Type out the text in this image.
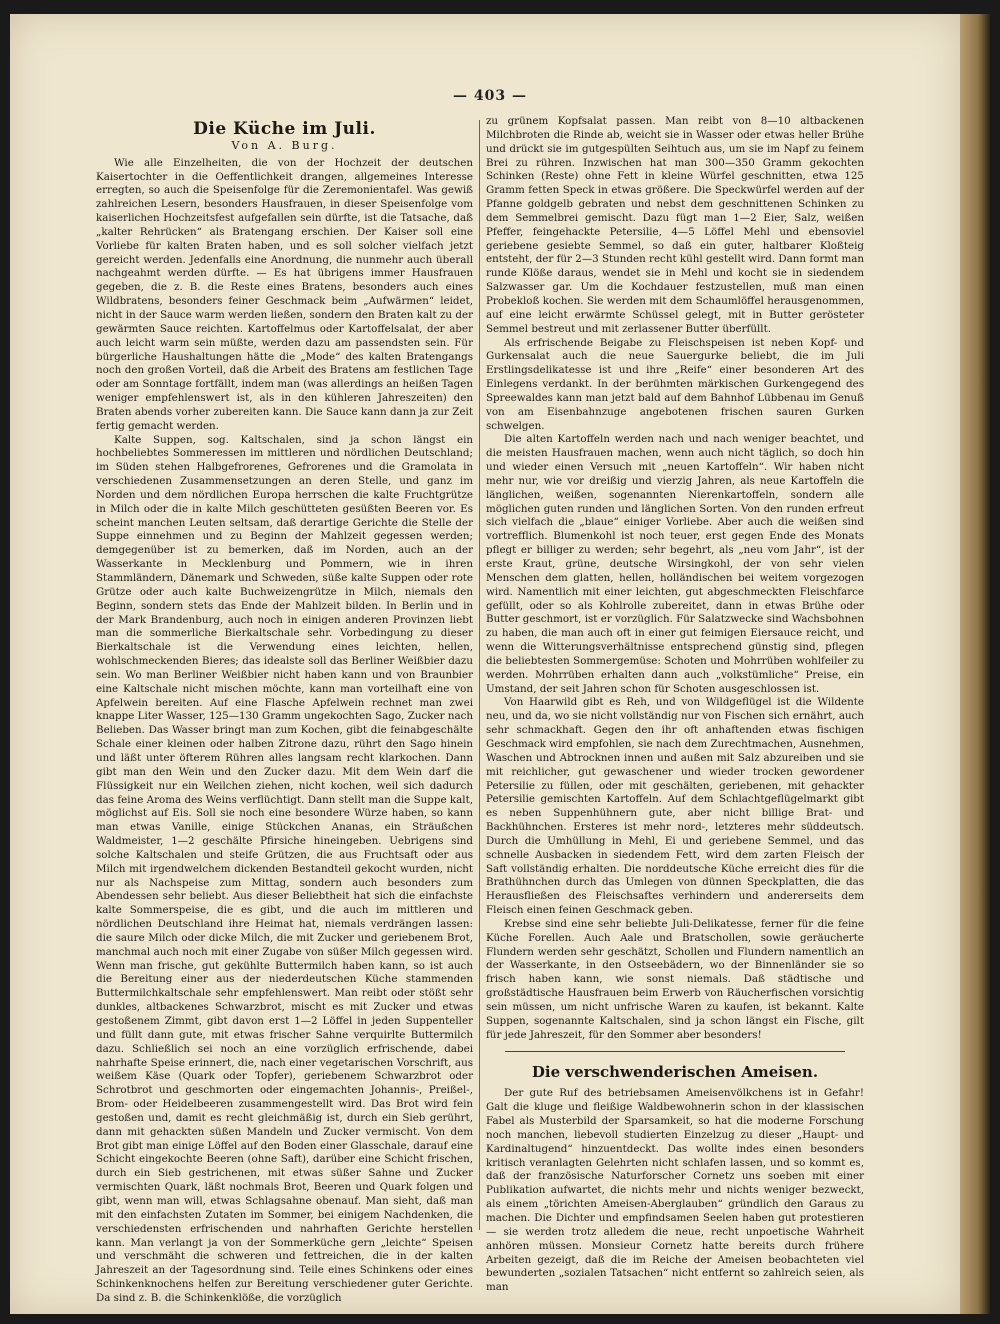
— 403 —
Die Küche im Juli.
Von A. Burg.

Wie alle Einzelheiten, die von der Hochzeit der deutschen Kaisertochter in die Oeffentlichkeit drangen, allgemeines Interesse erregten, so auch die Speisenfolge für die Zeremonientafel. Was gewiß zahlreichen Lesern, besonders Hausfrauen, in dieser Speisenfolge vom kaiserlichen Hochzeitsfest aufgefallen sein dürfte, ist die Tatsache, daß „kalter Rehrücken“ als Bratengang erschien. Der Kaiser soll eine Vorliebe für kalten Braten haben, und es soll solcher vielfach jetzt gereicht werden. Jedenfalls eine Anordnung, die nunmehr auch überall nachgeahmt werden dürfte. — Es hat übrigens immer Hausfrauen gegeben, die z. B. die Reste eines Bratens, besonders auch eines Wildbratens, besonders feiner Geschmack beim „Aufwärmen“ leidet, nicht in der Sauce warm werden ließen, sondern den Braten kalt zu der gewärmten Sauce reichten. Kartoffelmus oder Kartoffelsalat, der aber auch leicht warm sein müßte, werden dazu am passendsten sein. Für bürgerliche Haushaltungen hätte die „Mode“ des kalten Bratengangs noch den großen Vorteil, daß die Arbeit des Bratens am festlichen Tage oder am Sonntage fortfällt, indem man (was allerdings an heißen Tagen weniger empfehlenswert ist, als in den kühleren Jahreszeiten) den Braten abends vorher zubereiten kann. Die Sauce kann dann ja zur Zeit fertig gemacht werden.

Kalte Suppen, sog. Kaltschalen, sind ja schon längst ein hochbeliebtes Sommeressen im mittleren und nördlichen Deutschland; im Süden stehen Halbgefrorenes, Gefrorenes und die Gramolata in verschiedenen Zusammensetzungen an deren Stelle, und ganz im Norden und dem nördlichen Europa herrschen die kalte Fruchtgrütze in Milch oder die in kalte Milch geschütteten gesüßten Beeren vor. Es scheint manchen Leuten seltsam, daß derartige Gerichte die Stelle der Suppe einnehmen und zu Beginn der Mahlzeit gegessen werden; demgegenüber ist zu bemerken, daß im Norden, auch an der Wasserkante in Mecklenburg und Pommern, wie in ihren Stammländern, Dänemark und Schweden, süße kalte Suppen oder rote Grütze oder auch kalte Buchweizengrütze in Milch, niemals den Beginn, sondern stets das Ende der Mahlzeit bilden. In Berlin und in der Mark Brandenburg, auch noch in einigen anderen Provinzen liebt man die sommerliche Bierkaltschale sehr. Vorbedingung zu dieser Bierkaltschale ist die Verwendung eines leichten, hellen, wohlschmeckenden Bieres; das idealste soll das Berliner Weißbier dazu sein. Wo man Berliner Weißbier nicht haben kann und von Braunbier eine Kaltschale nicht mischen möchte, kann man vorteilhaft eine von Apfelwein bereiten. Auf eine Flasche Apfelwein rechnet man zwei knappe Liter Wasser, 125—130 Gramm ungekochten Sago, Zucker nach Belieben. Das Wasser bringt man zum Kochen, gibt die feinabgeschälte Schale einer kleinen oder halben Zitrone dazu, rührt den Sago hinein und läßt unter öfterem Rühren alles langsam recht klarkochen. Dann gibt man den Wein und den Zucker dazu. Mit dem Wein darf die Flüssigkeit nur ein Weilchen ziehen, nicht kochen, weil sich dadurch das feine Aroma des Weins verflüchtigt. Dann stellt man die Suppe kalt, möglichst auf Eis. Soll sie noch eine besondere Würze haben, so kann man etwas Vanille, einige Stückchen Ananas, ein Sträußchen Waldmeister, 1—2 geschälte Pfirsiche hineingeben. Uebrigens sind solche Kaltschalen und steife Grützen, die aus Fruchtsaft oder aus Milch mit irgendwelchem dickenden Bestandteil gekocht wurden, nicht nur als Nachspeise zum Mittag, sondern auch besonders zum Abendessen sehr beliebt. Aus dieser Beliebtheit hat sich die einfachste kalte Sommerspeise, die es gibt, und die auch im mittleren und nördlichen Deutschland ihre Heimat hat, niemals verdrängen lassen: die saure Milch oder dicke Milch, die mit Zucker und geriebenem Brot, manchmal auch noch mit einer Zugabe von süßer Milch gegessen wird. Wenn man frische, gut gekühlte Buttermilch haben kann, so ist auch die Bereitung einer aus der niederdeutschen Küche stammenden Buttermilchkaltschale sehr empfehlenswert. Man reibt oder stößt sehr dunkles, altbackenes Schwarzbrot, mischt es mit Zucker und etwas gestoßenem Zimmt, gibt davon erst 1—2 Löffel in jeden Suppenteller und füllt dann gute, mit etwas frischer Sahne verquirlte Buttermilch dazu. Schließlich sei noch an eine vorzüglich erfrischende, dabei nahrhafte Speise erinnert, die, nach einer vegetarischen Vorschrift, aus weißem Käse (Quark oder Topfer), geriebenem Schwarzbrot oder Schrotbrot und geschmorten oder eingemachten Johannis-, Preißel-, Brom- oder Heidelbeeren zusammengestellt wird. Das Brot wird fein gestoßen und, damit es recht gleichmäßig ist, durch ein Sieb gerührt, dann mit gehackten süßen Mandeln und Zucker vermischt. Von dem Brot gibt man einige Löffel auf den Boden einer Glasschale, darauf eine Schicht eingekochte Beeren (ohne Saft), darüber eine Schicht frischen, durch ein Sieb gestrichenen, mit etwas süßer Sahne und Zucker vermischten Quark, läßt nochmals Brot, Beeren und Quark folgen und gibt, wenn man will, etwas Schlagsahne obenauf. Man sieht, daß man mit den einfachsten Zutaten im Sommer, bei einigem Nachdenken, die verschiedensten erfrischenden und nahrhaften Gerichte herstellen kann. Man verlangt ja von der Sommerküche gern „leichte“ Speisen und verschmäht die schweren und fettreichen, die in der kalten Jahreszeit an der Tagesordnung sind. Teile eines Schinkens oder eines Schinkenknochens helfen zur Bereitung verschiedener guter Gerichte. Da sind z. B. die Schinkenklöße, die vorzüglich

zu grünem Kopfsalat passen. Man reibt von 8—10 altbackenen Milchbroten die Rinde ab, weicht sie in Wasser oder etwas heller Brühe und drückt sie im gutgespülten Seihtuch aus, um sie im Napf zu feinem Brei zu rühren. Inzwischen hat man 300—350 Gramm gekochten Schinken (Reste) ohne Fett in kleine Würfel geschnitten, etwa 125 Gramm fetten Speck in etwas größere. Die Speckwürfel werden auf der Pfanne goldgelb gebraten und nebst dem geschnittenen Schinken zu dem Semmelbrei gemischt. Dazu fügt man 1—2 Eier, Salz, weißen Pfeffer, feingehackte Petersilie, 4—5 Löffel Mehl und ebensoviel geriebene gesiebte Semmel, so daß ein guter, haltbarer Kloßteig entsteht, der für 2—3 Stunden recht kühl gestellt wird. Dann formt man runde Klöße daraus, wendet sie in Mehl und kocht sie in siedendem Salzwasser gar. Um die Kochdauer festzustellen, muß man einen Probekloß kochen. Sie werden mit dem Schaumlöffel herausgenommen, auf eine leicht erwärmte Schüssel gelegt, mit in Butter gerösteter Semmel bestreut und mit zerlassener Butter überfüllt.

Als erfrischende Beigabe zu Fleischspeisen ist neben Kopf- und Gurkensalat auch die neue Sauergurke beliebt, die im Juli Erstlingsdelikatesse ist und ihre „Reife“ einer besonderen Art des Einlegens verdankt. In der berühmten märkischen Gurkengegend des Spreewaldes kann man jetzt bald auf dem Bahnhof Lübbenau im Genuß von am Eisenbahnzuge angebotenen frischen sauren Gurken schwelgen.

Die alten Kartoffeln werden nach und nach weniger beachtet, und die meisten Hausfrauen machen, wenn auch nicht täglich, so doch hin und wieder einen Versuch mit „neuen Kartoffeln“. Wir haben nicht mehr nur, wie vor dreißig und vierzig Jahren, als neue Kartoffeln die länglichen, weißen, sogenannten Nierenkartoffeln, sondern alle möglichen guten runden und länglichen Sorten. Von den runden erfreut sich vielfach die „blaue“ einiger Vorliebe. Aber auch die weißen sind vortrefflich. Blumenkohl ist noch teuer, erst gegen Ende des Monats pflegt er billiger zu werden; sehr begehrt, als „neu vom Jahr“, ist der erste Kraut, grüne, deutsche Wirsingkohl, der von sehr vielen Menschen dem glatten, hellen, holländischen bei weitem vorgezogen wird. Namentlich mit einer leichten, gut abgeschmeckten Fleischfarce gefüllt, oder so als Kohlrolle zubereitet, dann in etwas Brühe oder Butter geschmort, ist er vorzüglich. Für Salatzwecke sind Wachsbohnen zu haben, die man auch oft in einer gut feimigen Eiersauce reicht, und wenn die Witterungsverhältnisse entsprechend günstig sind, pflegen die beliebtesten Sommergemüse: Schoten und Mohrrüben wohlfeiler zu werden. Mohrrüben erhalten dann auch „volkstümliche“ Preise, ein Umstand, der seit Jahren schon für Schoten ausgeschlossen ist.

Von Haarwild gibt es Reh, und von Wildgeflügel ist die Wildente neu, und da, wo sie nicht vollständig nur von Fischen sich ernährt, auch sehr schmackhaft. Gegen den ihr oft anhaftenden etwas fischigen Geschmack wird empfohlen, sie nach dem Zurechtmachen, Ausnehmen, Waschen und Abtrocknen innen und außen mit Salz abzureiben und sie mit reichlicher, gut gewaschener und wieder trocken gewordener Petersilie zu füllen, oder mit geschälten, geriebenen, mit gehackter Petersilie gemischten Kartoffeln. Auf dem Schlachtgeflügelmarkt gibt es neben Suppenhühnern gute, aber nicht billige Brat- und Backhühnchen. Ersteres ist mehr nord-, letzteres mehr süddeutsch. Durch die Umhüllung in Mehl, Ei und geriebene Semmel, und das schnelle Ausbacken in siedendem Fett, wird dem zarten Fleisch der Saft vollständig erhalten. Die norddeutsche Küche erreicht dies für die Brathühnchen durch das Umlegen von dünnen Speckplatten, die das Herausfließen des Fleischsaftes verhindern und andererseits dem Fleisch einen feinen Geschmack geben.

Krebse sind eine sehr beliebte Juli-Delikatesse, ferner für die feine Küche Forellen. Auch Aale und Bratschollen, sowie geräucherte Flundern werden sehr geschätzt, Schollen und Flundern namentlich an der Wasserkante, in den Ostseebädern, wo der Binnenländer sie so frisch haben kann, wie sonst niemals. Daß städtische und großstädtische Hausfrauen beim Erwerb von Räucherfischen vorsichtig sein müssen, um nicht unfrische Waren zu kaufen, ist bekannt. Kalte Suppen, sogenannte Kaltschalen, sind ja schon längst ein Fische, gilt für jede Jahreszeit, für den Sommer aber besonders!

Die verschwenderischen Ameisen.

Der gute Ruf des betriebsamen Ameisenvölkchens ist in Gefahr! Galt die kluge und fleißige Waldbewohnerin schon in der klassischen Fabel als Musterbild der Sparsamkeit, so hat die moderne Forschung noch manchen, liebevoll studierten Einzelzug zu dieser „Haupt- und Kardinaltugend“ hinzuentdeckt. Das wollte indes einen besonders kritisch veranlagten Gelehrten nicht schlafen lassen, und so kommt es, daß der französische Naturforscher Cornetz uns soeben mit einer Publikation aufwartet, die nichts mehr und nichts weniger bezweckt, als einem „törichten Ameisen-Aberglauben“ gründlich den Garaus zu machen. Die Dichter und empfindsamen Seelen haben gut protestieren — sie werden trotz alledem die neue, recht unpoetische Wahrheit anhören müssen. Monsieur Cornetz hatte bereits durch frühere Arbeiten gezeigt, daß die im Reiche der Ameisen beobachteten viel bewunderten „sozialen Tatsachen“ nicht entfernt so zahlreich seien, als man
